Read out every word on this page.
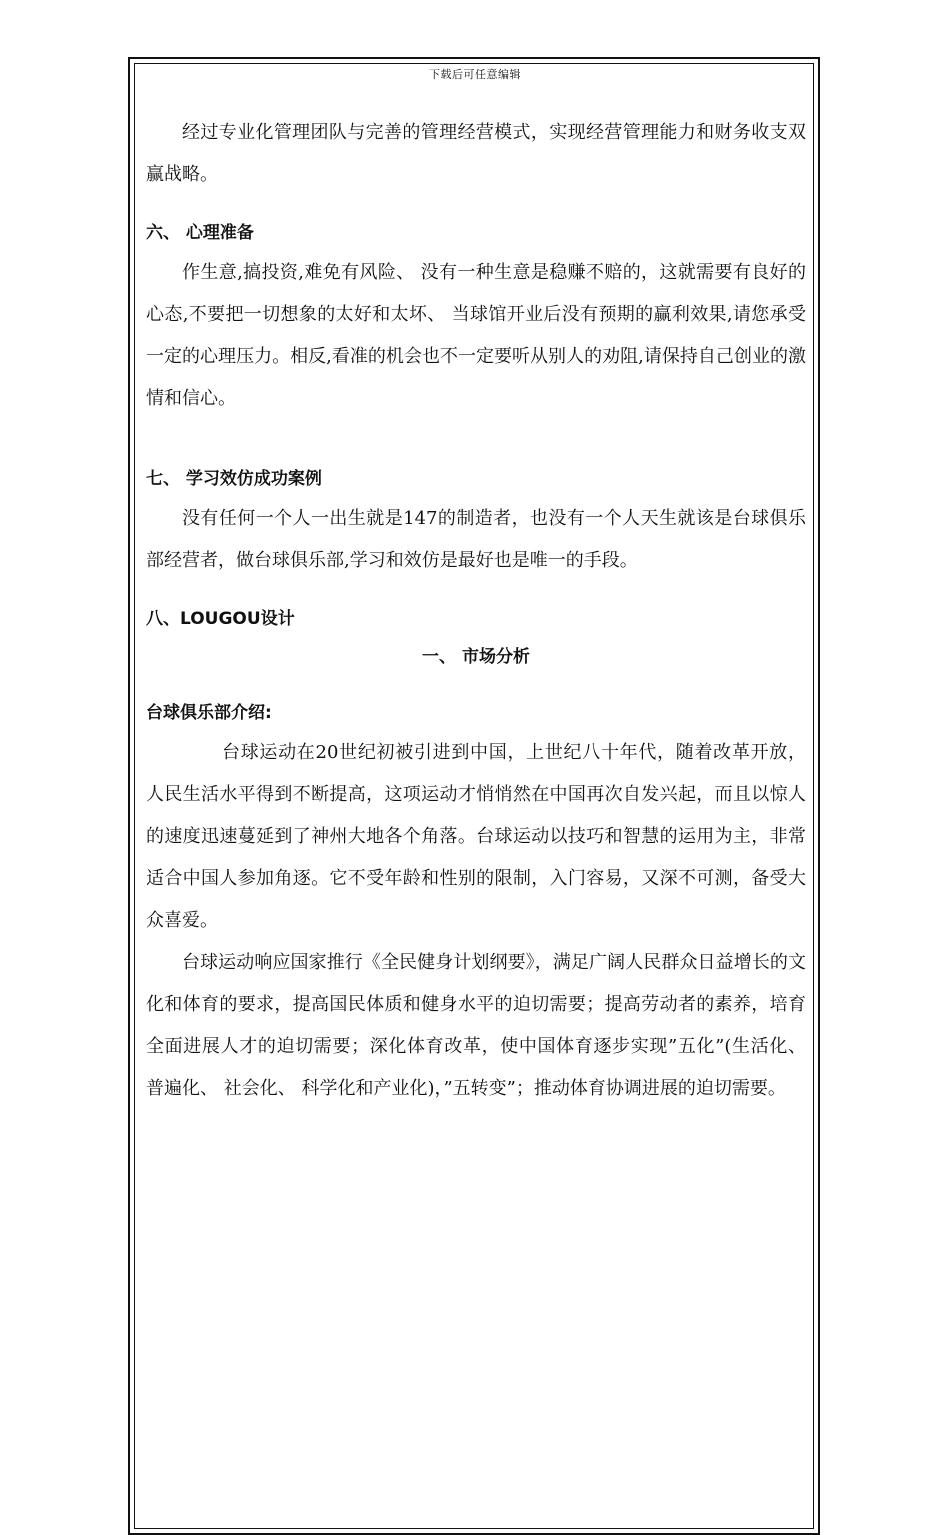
下载后可任意编辑

经过专业化管理团队与完善的管理经营模式，实现经营管理能力和财务收支双赢战略。

六、 心理准备

作生意,搞投资,难免有风险、 没有一种生意是稳赚不赔的，这就需要有良好的心态,不要把一切想象的太好和太坏、 当球馆开业后没有预期的赢利效果,请您承受一定的心理压力。相反,看准的机会也不一定要听从别人的劝阻,请保持自己创业的激情和信心。

七、 学习效仿成功案例

没有任何一个人一出生就是147的制造者，也没有一个人天生就该是台球俱乐部经营者，做台球俱乐部,学习和效仿是最好也是唯一的手段。

八、LOUGOU设计

一、 市场分析

台球俱乐部介绍:

台球运动在20世纪初被引进到中国，上世纪八十年代，随着改革开放， 人民生活水平得到不断提高，这项运动才悄悄然在中国再次自发兴起，而且以惊人的速度迅速蔓延到了神州大地各个角落。台球运动以技巧和智慧的运用为主，非常适合中国人参加角逐。它不受年龄和性别的限制，入门容易，又深不可测，备受大众喜爱。

台球运动响应国家推行《全民健身计划纲要》，满足广阔人民群众日益增长的文化和体育的要求，提高国民体质和健身水平的迫切需要；提高劳动者的素养，培育全面进展人才的迫切需要；深化体育改革，使中国体育逐步实现”五化”(生活化、 普遍化、 社会化、 科学化和产业化)，”五转变”；推动体育协调进展的迫切需要。
